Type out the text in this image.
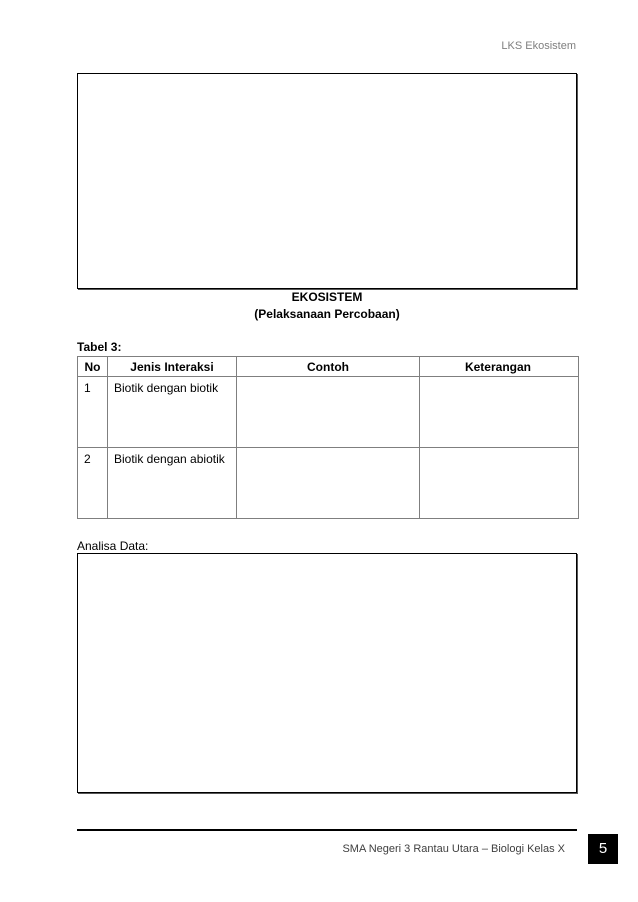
LKS Ekosistem
EKOSISTEM
(Pelaksanaan Percobaan)
Tabel 3:
No	Jenis Interaksi	Contoh	Keterangan
1	Biotik dengan biotik		
2	Biotik dengan abiotik		
Analisa Data:
SMA Negeri 3 Rantau Utara – Biologi Kelas X	5
